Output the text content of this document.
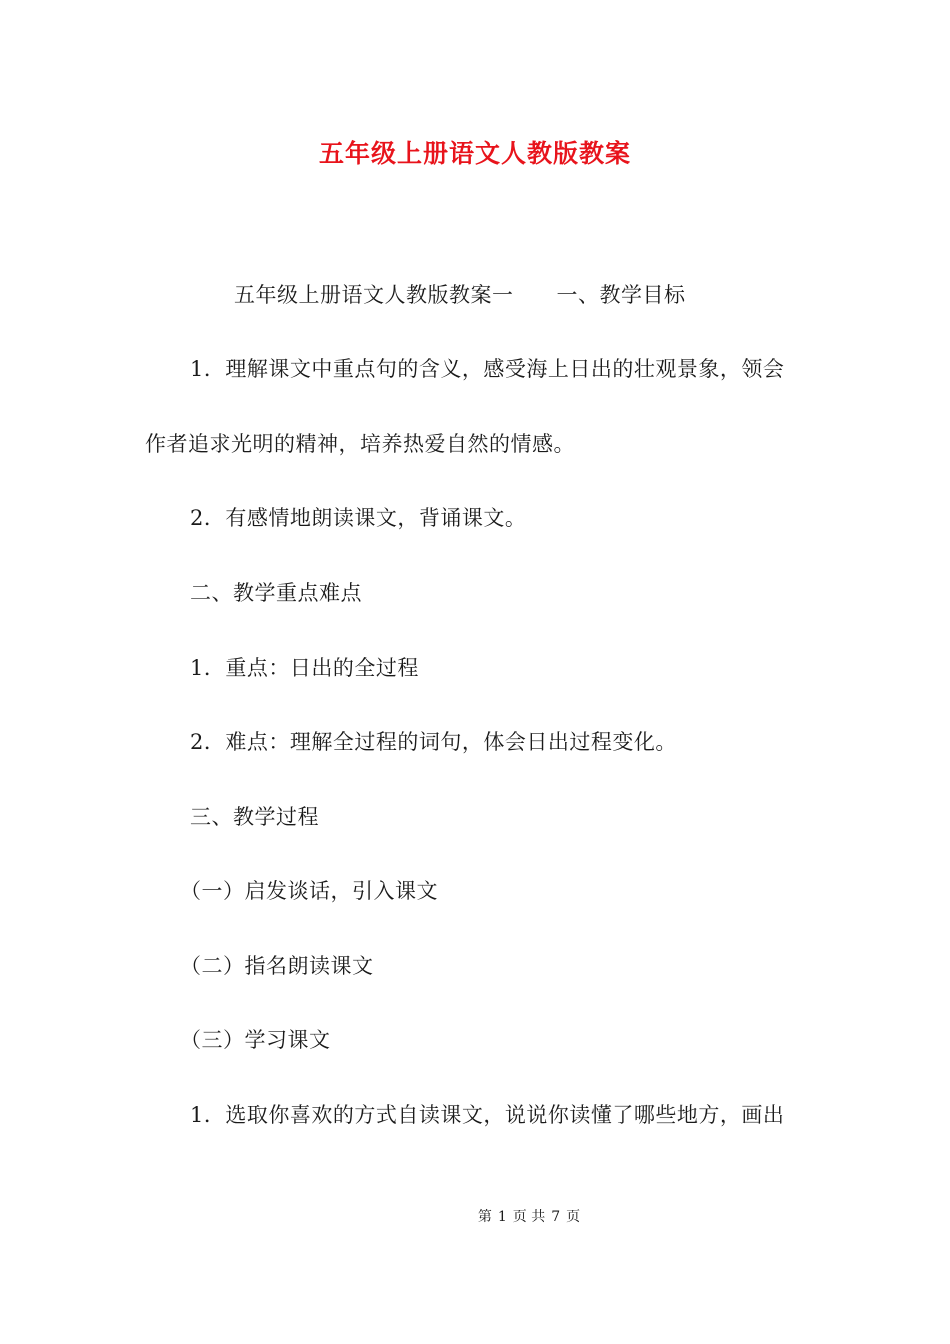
五年级上册语文人教版教案
五年级上册语文人教版教案一　　一、教学目标
1．理解课文中重点句的含义，感受海上日出的壮观景象，领会
作者追求光明的精神，培养热爱自然的情感。
2．有感情地朗读课文，背诵课文。
二、教学重点难点
1．重点：日出的全过程
2．难点：理解全过程的词句，体会日出过程变化。
三、教学过程
（一）启发谈话，引入课文
（二）指名朗读课文
（三）学习课文
1．选取你喜欢的方式自读课文，说说你读懂了哪些地方，画出
第 1 页 共 7 页
